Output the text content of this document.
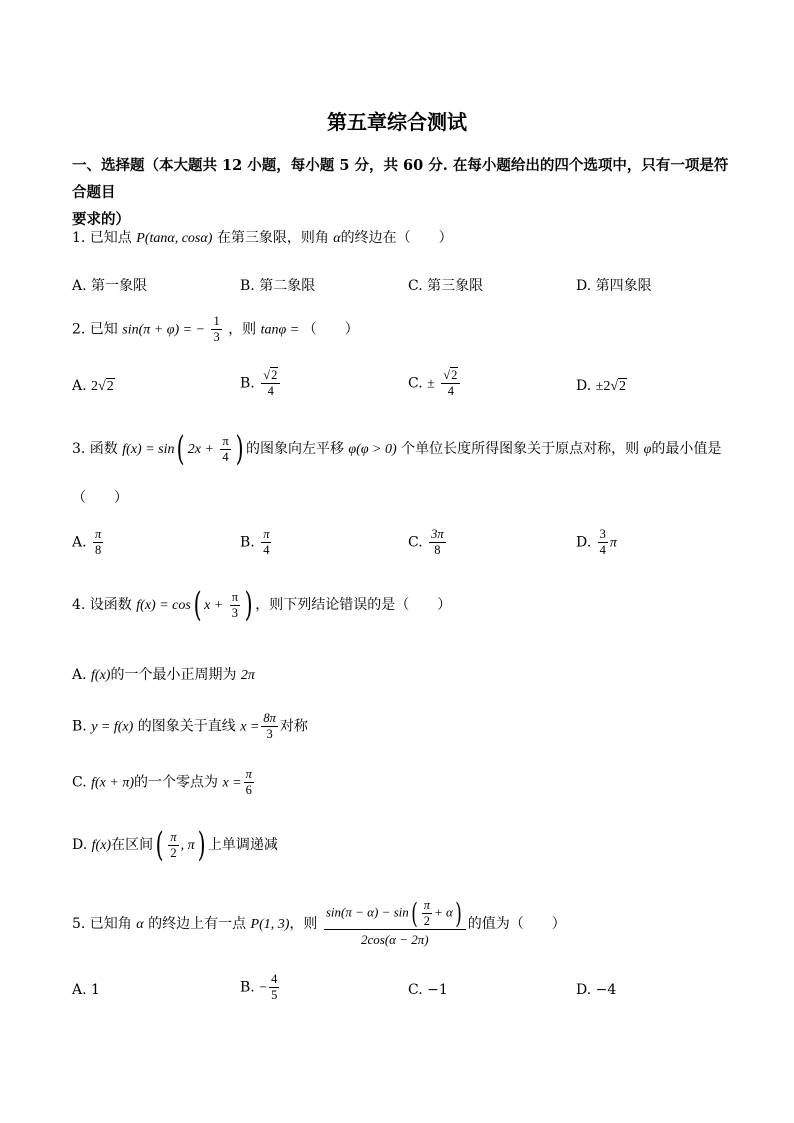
第五章综合测试
一、选择题（本大题共 12 小题，每小题 5 分，共 60 分. 在每小题给出的四个选项中，只有一项是符合题目
要求的）
1. 已知点 P(tanα, cosα) 在第三象限，则角 α的终边在（　　）
A. 第一象限	B. 第二象限	C. 第三象限	D. 第四象限
2. 已知 sin(π + φ) = − $\frac{1}{3}$ ，则 tanφ = （　　）
A. 2√2	B. $\frac{√2}{4}$	C. ± $\frac{√2}{4}$	D. ±2√2
3. 函数 f(x) = sin( $2x + \frac{\pi}{4}$ ) 的图象向左平移 φ(φ > 0) 个单位长度所得图象关于原点对称，则 φ的最小值是
（　　）
A. $\frac{\pi}{8}$	B. $\frac{\pi}{4}$	C. $\frac{3\pi}{8}$	D. $\frac{3}{4}$ π
4. 设函数 f(x) = cos( $x + \frac{\pi}{3}$ ) ，则下列结论错误的是（　　）
A. f(x)的一个最小正周期为 2π
B. y = f(x) 的图象关于直线 $x = \frac{8\pi}{3}$ 对称
C. f(x + π)的一个零点为 $x = \frac{\pi}{6}$
D. f(x)在区间( $\frac{\pi}{2}$ , π) 上单调递减
5. 已知角 α 的终边上有一点 P(1, 3)，则 $\frac{\sin(\pi - \alpha) - \sin( \frac{\pi}{2} + \alpha)}{2\cos(\alpha - 2\pi)}$ 的值为（　　）
A. 1	B. − $\frac{4}{5}$	C. −1	D. −4
